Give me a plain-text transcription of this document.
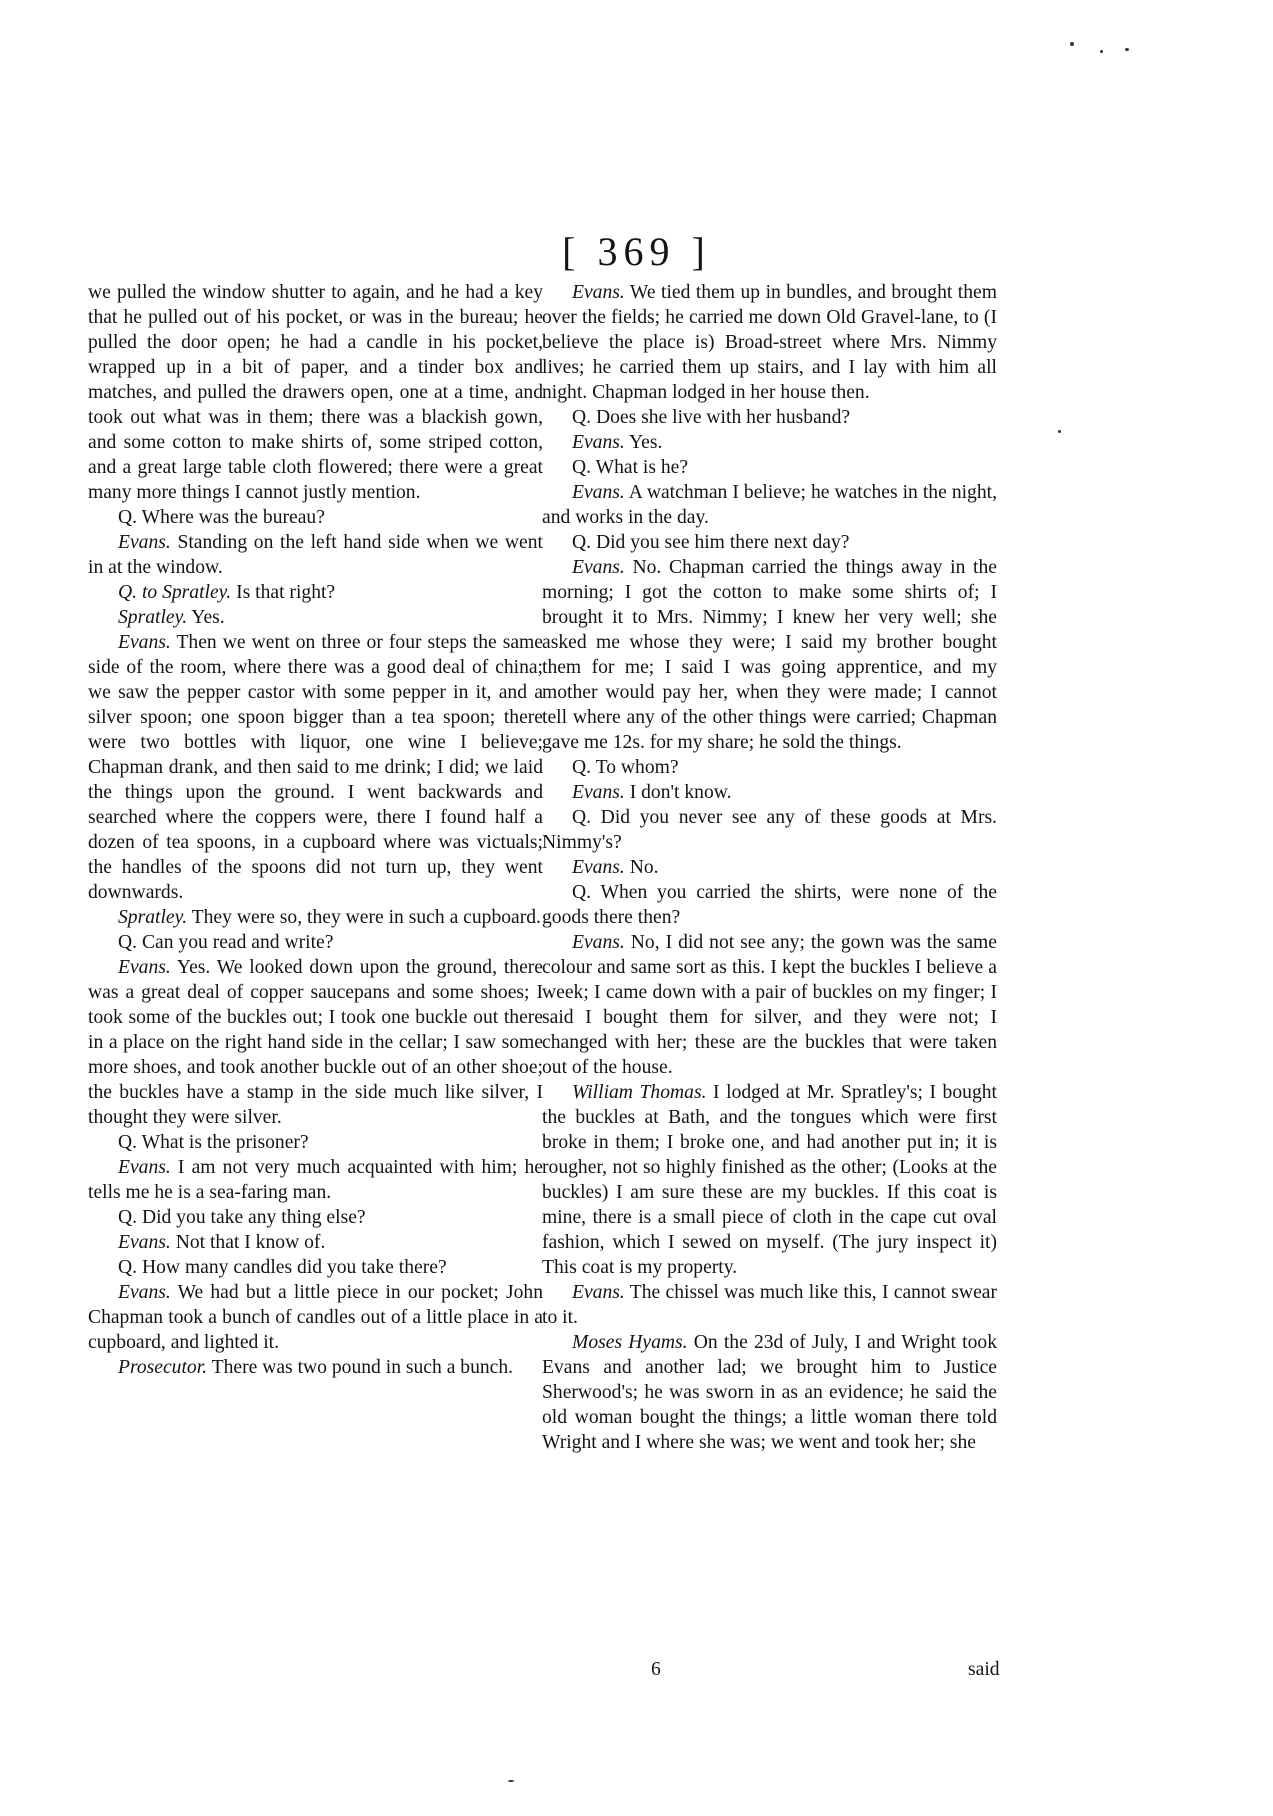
[ 369 ]

we pulled the window shutter to again, and he had a key that he pulled out of his pocket, or was in the bureau; he pulled the door open; he had a candle in his pocket, wrapped up in a bit of paper, and a tinder box and matches, and pulled the drawers open, one at a time, and took out what was in them; there was a blackish gown, and some cotton to make shirts of, some striped cotton, and a great large table cloth flowered; there were a great many more things I cannot justly mention.

Q. Where was the bureau?

Evans. Standing on the left hand side when we went in at the window.

Q. to Spratley. Is that right?

Spratley. Yes.

Evans. Then we went on three or four steps the same side of the room, where there was a good deal of china; we saw the pepper castor with some pepper in it, and a silver spoon; one spoon bigger than a tea spoon; there were two bottles with liquor, one wine I believe; Chapman drank, and then said to me drink; I did; we laid the things upon the ground. I went backwards and searched where the coppers were, there I found half a dozen of tea spoons, in a cupboard where was victuals; the handles of the spoons did not turn up, they went downwards.

Spratley. They were so, they were in such a cupboard.

Q. Can you read and write?

Evans. Yes. We looked down upon the ground, there was a great deal of copper saucepans and some shoes; I took some of the buckles out; I took one buckle out there in a place on the right hand side in the cellar; I saw some more shoes, and took another buckle out of an other shoe; the buckles have a stamp in the side much like silver, I thought they were silver.

Q. What is the prisoner?

Evans. I am not very much acquainted with him; he tells me he is a sea-faring man.

Q. Did you take any thing else?

Evans. Not that I know of.

Q. How many candles did you take there?

Evans. We had but a little piece in our pocket; John Chapman took a bunch of candles out of a little place in a cupboard, and lighted it.

Prosecutor. There was two pound in such a bunch.

Evans. We tied them up in bundles, and brought them over the fields; he carried me down Old Gravel-lane, to (I believe the place is) Broad-street where Mrs. Nimmy lives; he carried them up stairs, and I lay with him all night. Chapman lodged in her house then.

Q. Does she live with her husband?

Evans. Yes.

Q. What is he?

Evans. A watchman I believe; he watches in the night, and works in the day.

Q. Did you see him there next day?

Evans. No. Chapman carried the things away in the morning; I got the cotton to make some shirts of; I brought it to Mrs. Nimmy; I knew her very well; she asked me whose they were; I said my brother bought them for me; I said I was going apprentice, and my mother would pay her, when they were made; I cannot tell where any of the other things were carried; Chapman gave me 12s. for my share; he sold the things.

Q. To whom?

Evans. I don't know.

Q. Did you never see any of these goods at Mrs. Nimmy's?

Evans. No.

Q. When you carried the shirts, were none of the goods there then?

Evans. No, I did not see any; the gown was the same colour and same sort as this. I kept the buckles I believe a week; I came down with a pair of buckles on my finger; I said I bought them for silver, and they were not; I changed with her; these are the buckles that were taken out of the house.

William Thomas. I lodged at Mr. Spratley's; I bought the buckles at Bath, and the tongues which were first broke in them; I broke one, and had another put in; it is rougher, not so highly finished as the other; (Looks at the buckles) I am sure these are my buckles. If this coat is mine, there is a small piece of cloth in the cape cut oval fashion, which I sewed on myself. (The jury inspect it) This coat is my property.

Evans. The chissel was much like this, I cannot swear to it.

Moses Hyams. On the 23d of July, I and Wright took Evans and another lad; we brought him to Justice Sherwood's; he was sworn in as an evidence; he said the old woman bought the things; a little woman there told Wright and I where she was; we went and took her; she

6	said
